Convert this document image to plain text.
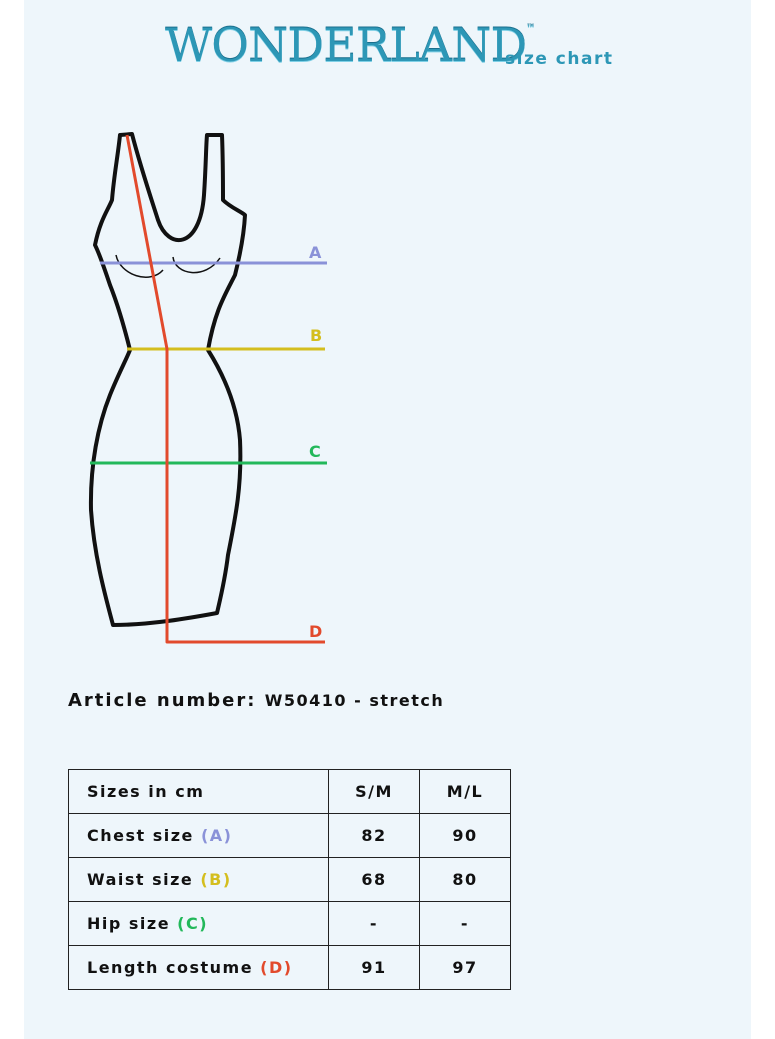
WONDERLAND™
size chart
A
B
C
D
Article number: W50410 - stretch
Sizes in cm	S/M	M/L
Chest size (A)	82	90
Waist size (B)	68	80
Hip size (C)	-	-
Length costume (D)	91	97
